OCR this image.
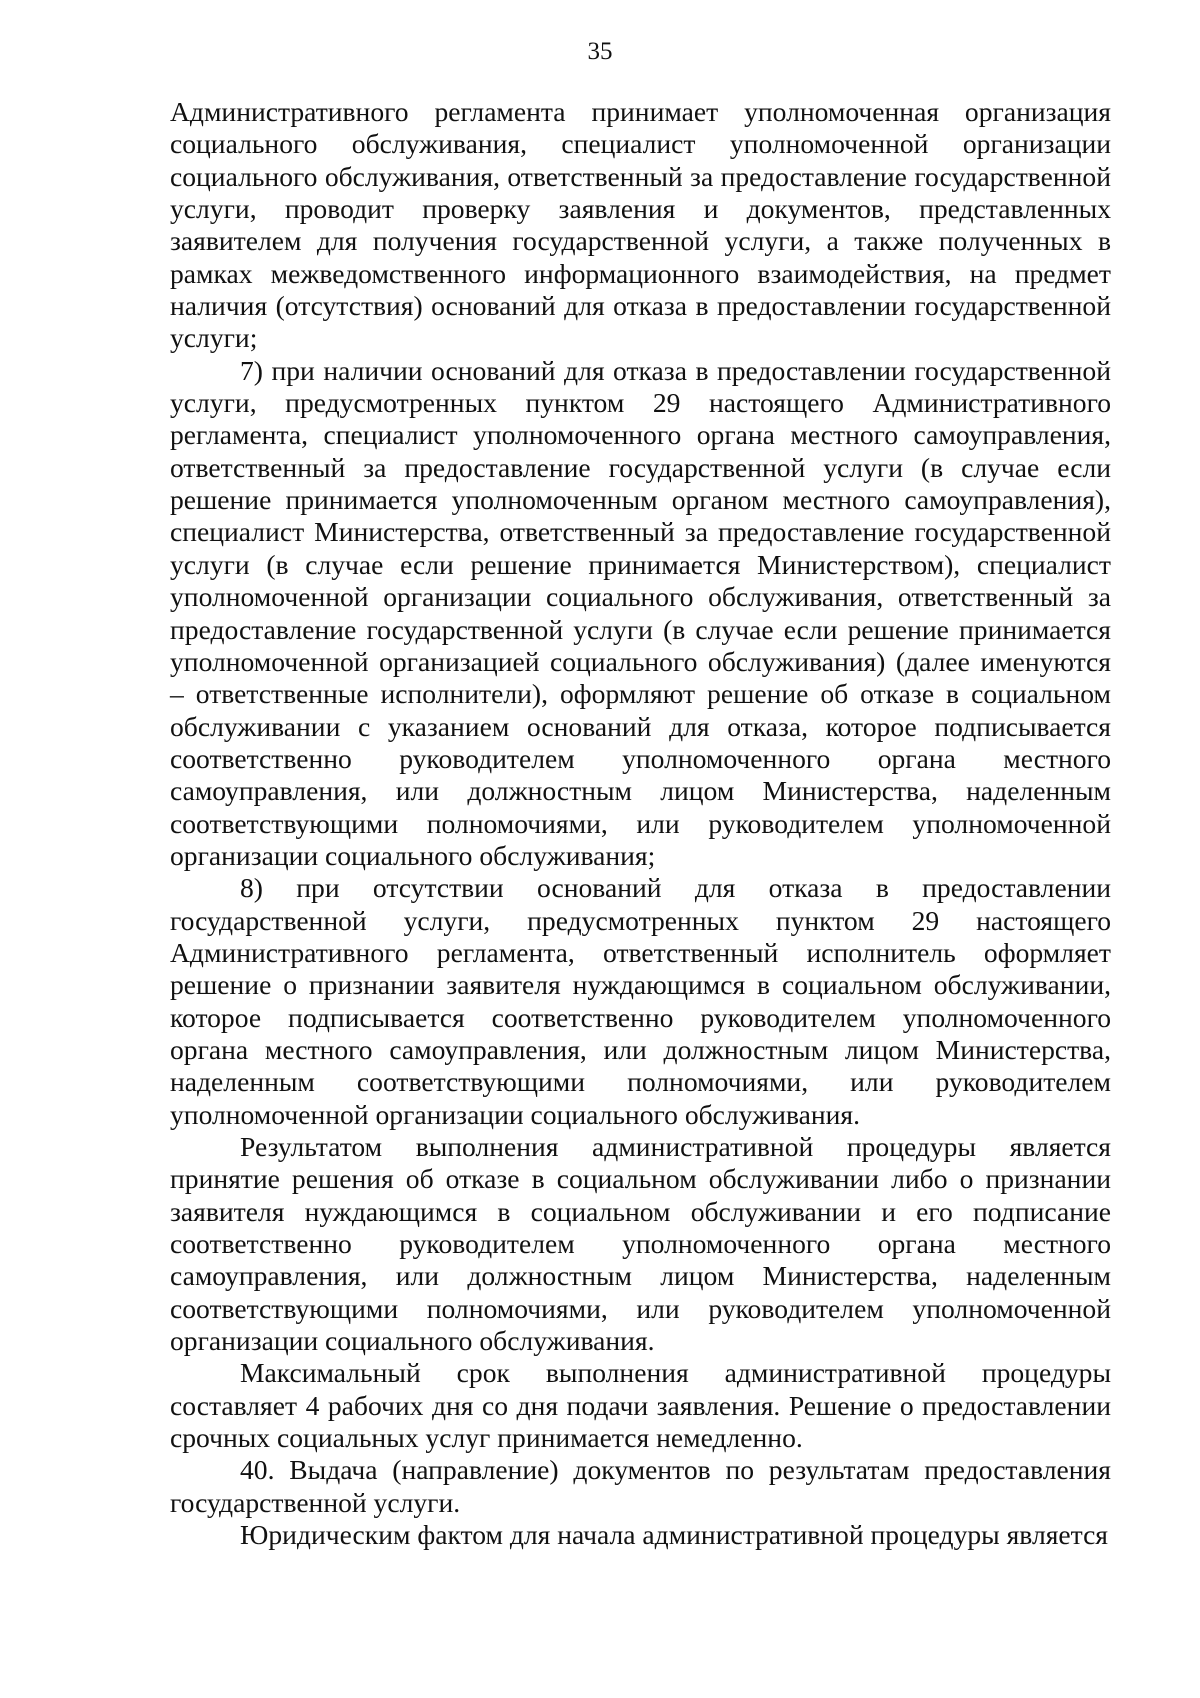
35

Административного регламента принимает уполномоченная организация социального обслуживания, специалист уполномоченной организации социального обслуживания, ответственный за предоставление государственной услуги, проводит проверку заявления и документов, представленных заявителем для получения государственной услуги, а также полученных в рамках межведомственного информационного взаимодействия, на предмет наличия (отсутствия) оснований для отказа в предоставлении государственной услуги;

7) при наличии оснований для отказа в предоставлении государственной услуги, предусмотренных пунктом 29 настоящего Административного регламента, специалист уполномоченного органа местного самоуправления, ответственный за предоставление государственной услуги (в случае если решение принимается уполномоченным органом местного самоуправления), специалист Министерства, ответственный за предоставление государственной услуги (в случае если решение принимается Министерством), специалист уполномоченной организации социального обслуживания, ответственный за предоставление государственной услуги (в случае если решение принимается уполномоченной организацией социального обслуживания) (далее именуются – ответственные исполнители), оформляют решение об отказе в социальном обслуживании с указанием оснований для отказа, которое подписывается соответственно руководителем уполномоченного органа местного самоуправления, или должностным лицом Министерства, наделенным соответствующими полномочиями, или руководителем уполномоченной организации социального обслуживания;

8) при отсутствии оснований для отказа в предоставлении государственной услуги, предусмотренных пунктом 29 настоящего Административного регламента, ответственный исполнитель оформляет решение о признании заявителя нуждающимся в социальном обслуживании, которое подписывается соответственно руководителем уполномоченного органа местного самоуправления, или должностным лицом Министерства, наделенным соответствующими полномочиями, или руководителем уполномоченной организации социального обслуживания.

Результатом выполнения административной процедуры является принятие решения об отказе в социальном обслуживании либо о признании заявителя нуждающимся в социальном обслуживании и его подписание соответственно руководителем уполномоченного органа местного самоуправления, или должностным лицом Министерства, наделенным соответствующими полномочиями, или руководителем уполномоченной организации социального обслуживания.

Максимальный срок выполнения административной процедуры составляет 4 рабочих дня со дня подачи заявления. Решение о предоставлении срочных социальных услуг принимается немедленно.

40. Выдача (направление) документов по результатам предоставления государственной услуги.

Юридическим фактом для начала административной процедуры является
